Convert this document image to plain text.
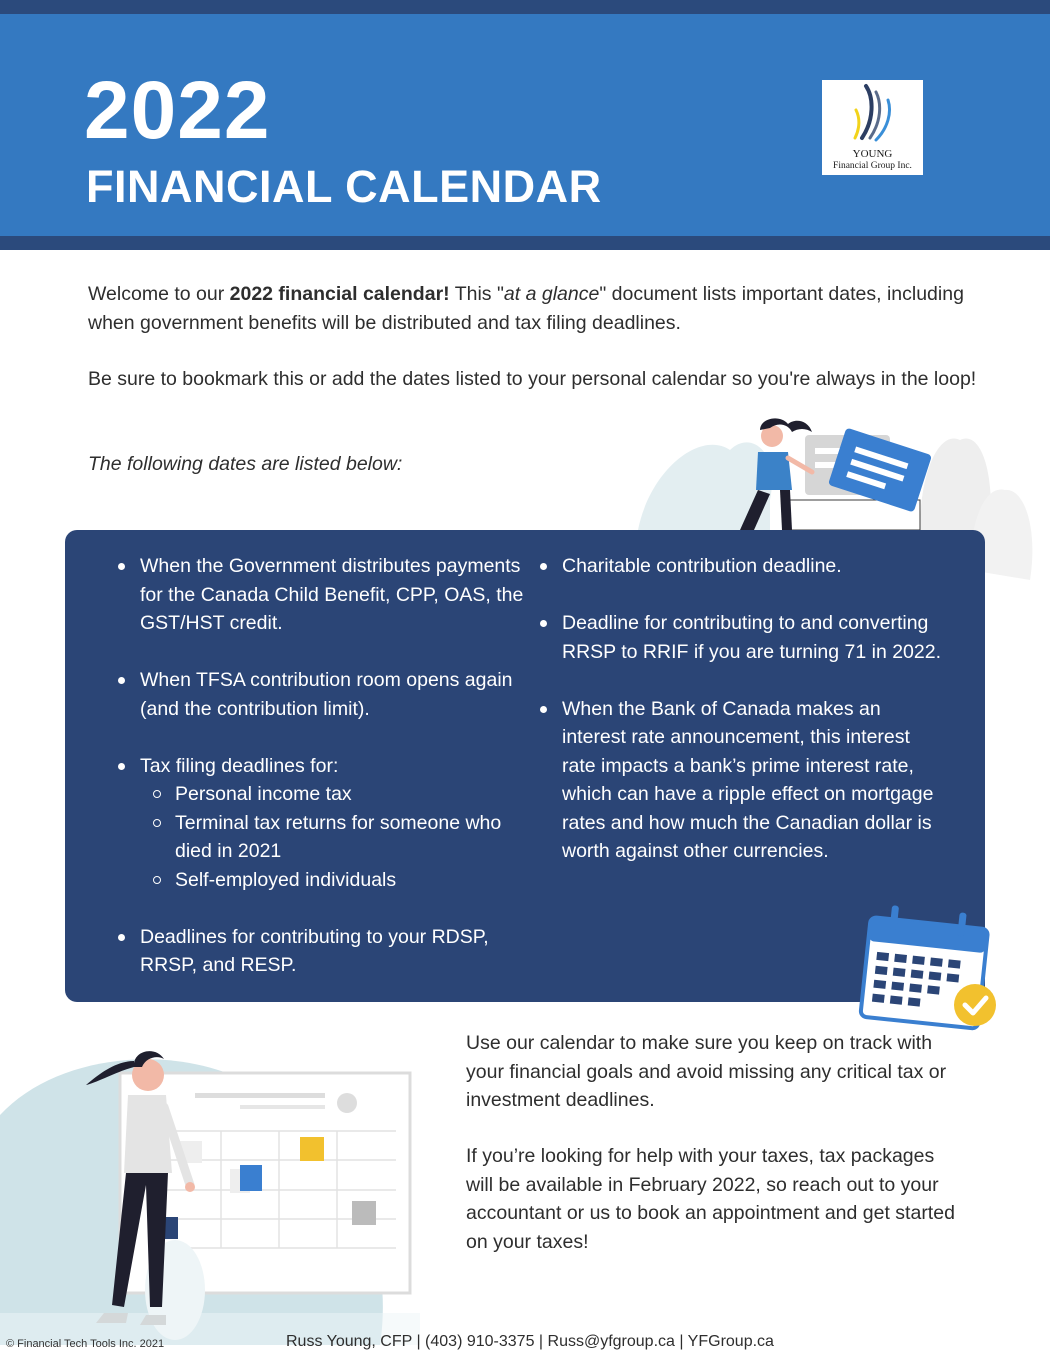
2022
FINANCIAL CALENDAR
YOUNG
Financial Group Inc.

Welcome to our 2022 financial calendar! This "at a glance" document lists important dates, including when government benefits will be distributed and tax filing deadlines.

Be sure to bookmark this or add the dates listed to your personal calendar so you're always in the loop!

The following dates are listed below:

When the Government distributes payments for the Canada Child Benefit, CPP, OAS, the GST/HST credit.
When TFSA contribution room opens again (and the contribution limit).
Tax filing deadlines for:
Personal income tax
Terminal tax returns for someone who died in 2021
Self-employed individuals
Deadlines for contributing to your RDSP, RRSP, and RESP.
Charitable contribution deadline.
Deadline for contributing to and converting RRSP to RRIF if you are turning 71 in 2022.
When the Bank of Canada makes an interest rate announcement, this interest rate impacts a bank’s prime interest rate, which can have a ripple effect on mortgage rates and how much the Canadian dollar is worth against other currencies.

Use our calendar to make sure you keep on track with your financial goals and avoid missing any critical tax or investment deadlines.

If you’re looking for help with your taxes, tax packages will be available in February 2022, so reach out to your accountant or us to book an appointment and get started on your taxes!

© Financial Tech Tools Inc. 2021	Russ Young, CFP | (403) 910-3375 | Russ@yfgroup.ca | YFGroup.ca
